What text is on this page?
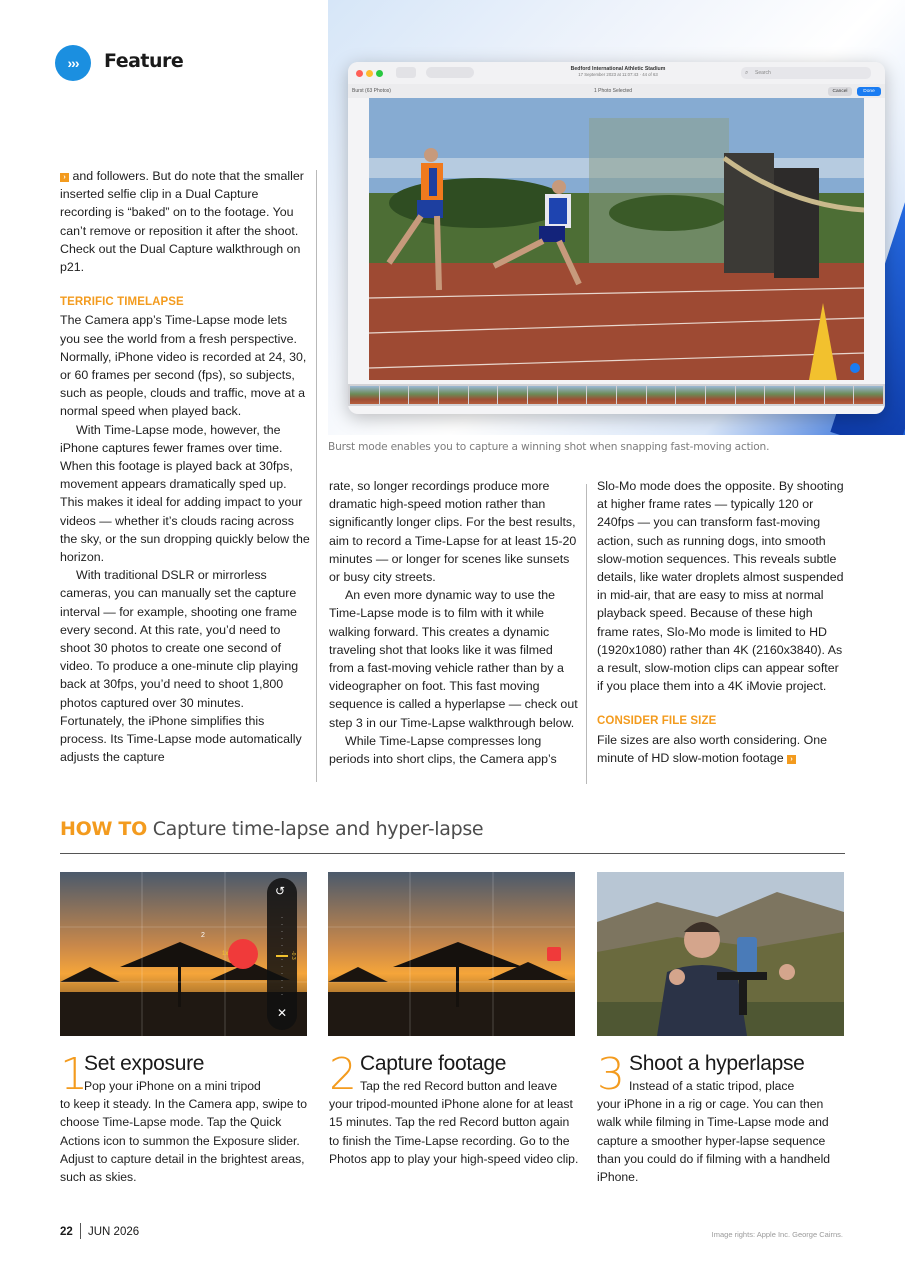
›››	Feature

› and followers. But do note that the smaller inserted selfie clip in a Dual Capture recording is “baked” on to the footage. You can’t remove or reposition it after the shoot. Check out the Dual Capture walkthrough on p21.

TERRIFIC TIMELAPSE

The Camera app’s Time-Lapse mode lets you see the world from a fresh perspective. Normally, iPhone video is recorded at 24, 30, or 60 frames per second (fps), so subjects, such as people, clouds and traffic, move at a normal speed when played back.

With Time-Lapse mode, however, the iPhone captures fewer frames over time. When this footage is played back at 30fps, movement appears dramatically sped up. This makes it ideal for adding impact to your videos — whether it’s clouds racing across the sky, or the sun dropping quickly below the horizon.

With traditional DSLR or mirrorless cameras, you can manually set the capture interval — for example, shooting one frame every second. At this rate, you’d need to shoot 30 photos to create one second of video. To produce a one-minute clip playing back at 30fps, you’d need to shoot 1,800 photos captured over 30 minutes. Fortunately, the iPhone simplifies this process. Its Time-Lapse mode automatically adjusts the capture

rate, so longer recordings produce more dramatic high-speed motion rather than significantly longer clips. For the best results, aim to record a Time-Lapse for at least 15-20 minutes — or longer for scenes like sunsets or busy city streets.

An even more dynamic way to use the Time-Lapse mode is to film with it while walking forward. This creates a dynamic traveling shot that looks like it was filmed from a fast-moving vehicle rather than by a videographer on foot. This fast moving sequence is called a hyperlapse — check out step 3 in our Time-Lapse walkthrough below.

While Time-Lapse compresses long periods into short clips, the Camera app’s

Slo-Mo mode does the opposite. By shooting at higher frame rates — typically 120 or 240fps — you can transform fast-moving action, such as running dogs, into smooth slow-motion sequences. This reveals subtle details, like water droplets almost suspended in mid-air, that are easy to miss at normal playback speed. Because of these high frame rates, Slo-Mo mode is limited to HD (1920x1080) rather than 4K (2160x3840). As a result, slow-motion clips can appear softer if you place them into a 4K iMovie project.

CONSIDER FILE SIZE

File sizes are also worth considering. One minute of HD slow-motion footage ›

Bedford International Athletic Stadium
17 September 2023 at 11:07:43 · 44 of 63	⌕ Search
Burst (63 Photos)	1 Photo Selected	Cancel	Done
Burst mode enables you to capture a winning shot when snapping fast-moving action.
HOW TO Capture time-lapse and hyper-lapse
↺
✕
2
1x	-0.3
1
Set exposure
Pop your iPhone on a mini tripod
to keep it steady. In the Camera app, swipe to choose Time-Lapse mode. Tap the Quick Actions icon to summon the Exposure slider. Adjust to capture detail in the brightest areas, such as skies.
2 Capture footage
Tap the red Record button and leave
your tripod-mounted iPhone alone for at least 15 minutes. Tap the red Record button again to finish the Time-Lapse recording. Go to the Photos app to play your high-speed video clip.
3 Shoot a hyperlapse
Instead of a static tripod, place
your iPhone in a rig or cage. You can then walk while filming in Time-Lapse mode and capture a smoother hyper-lapse sequence than you could do if filming with a handheld iPhone.
22 JUN 2026	Image rights: Apple Inc. George Cairns.
